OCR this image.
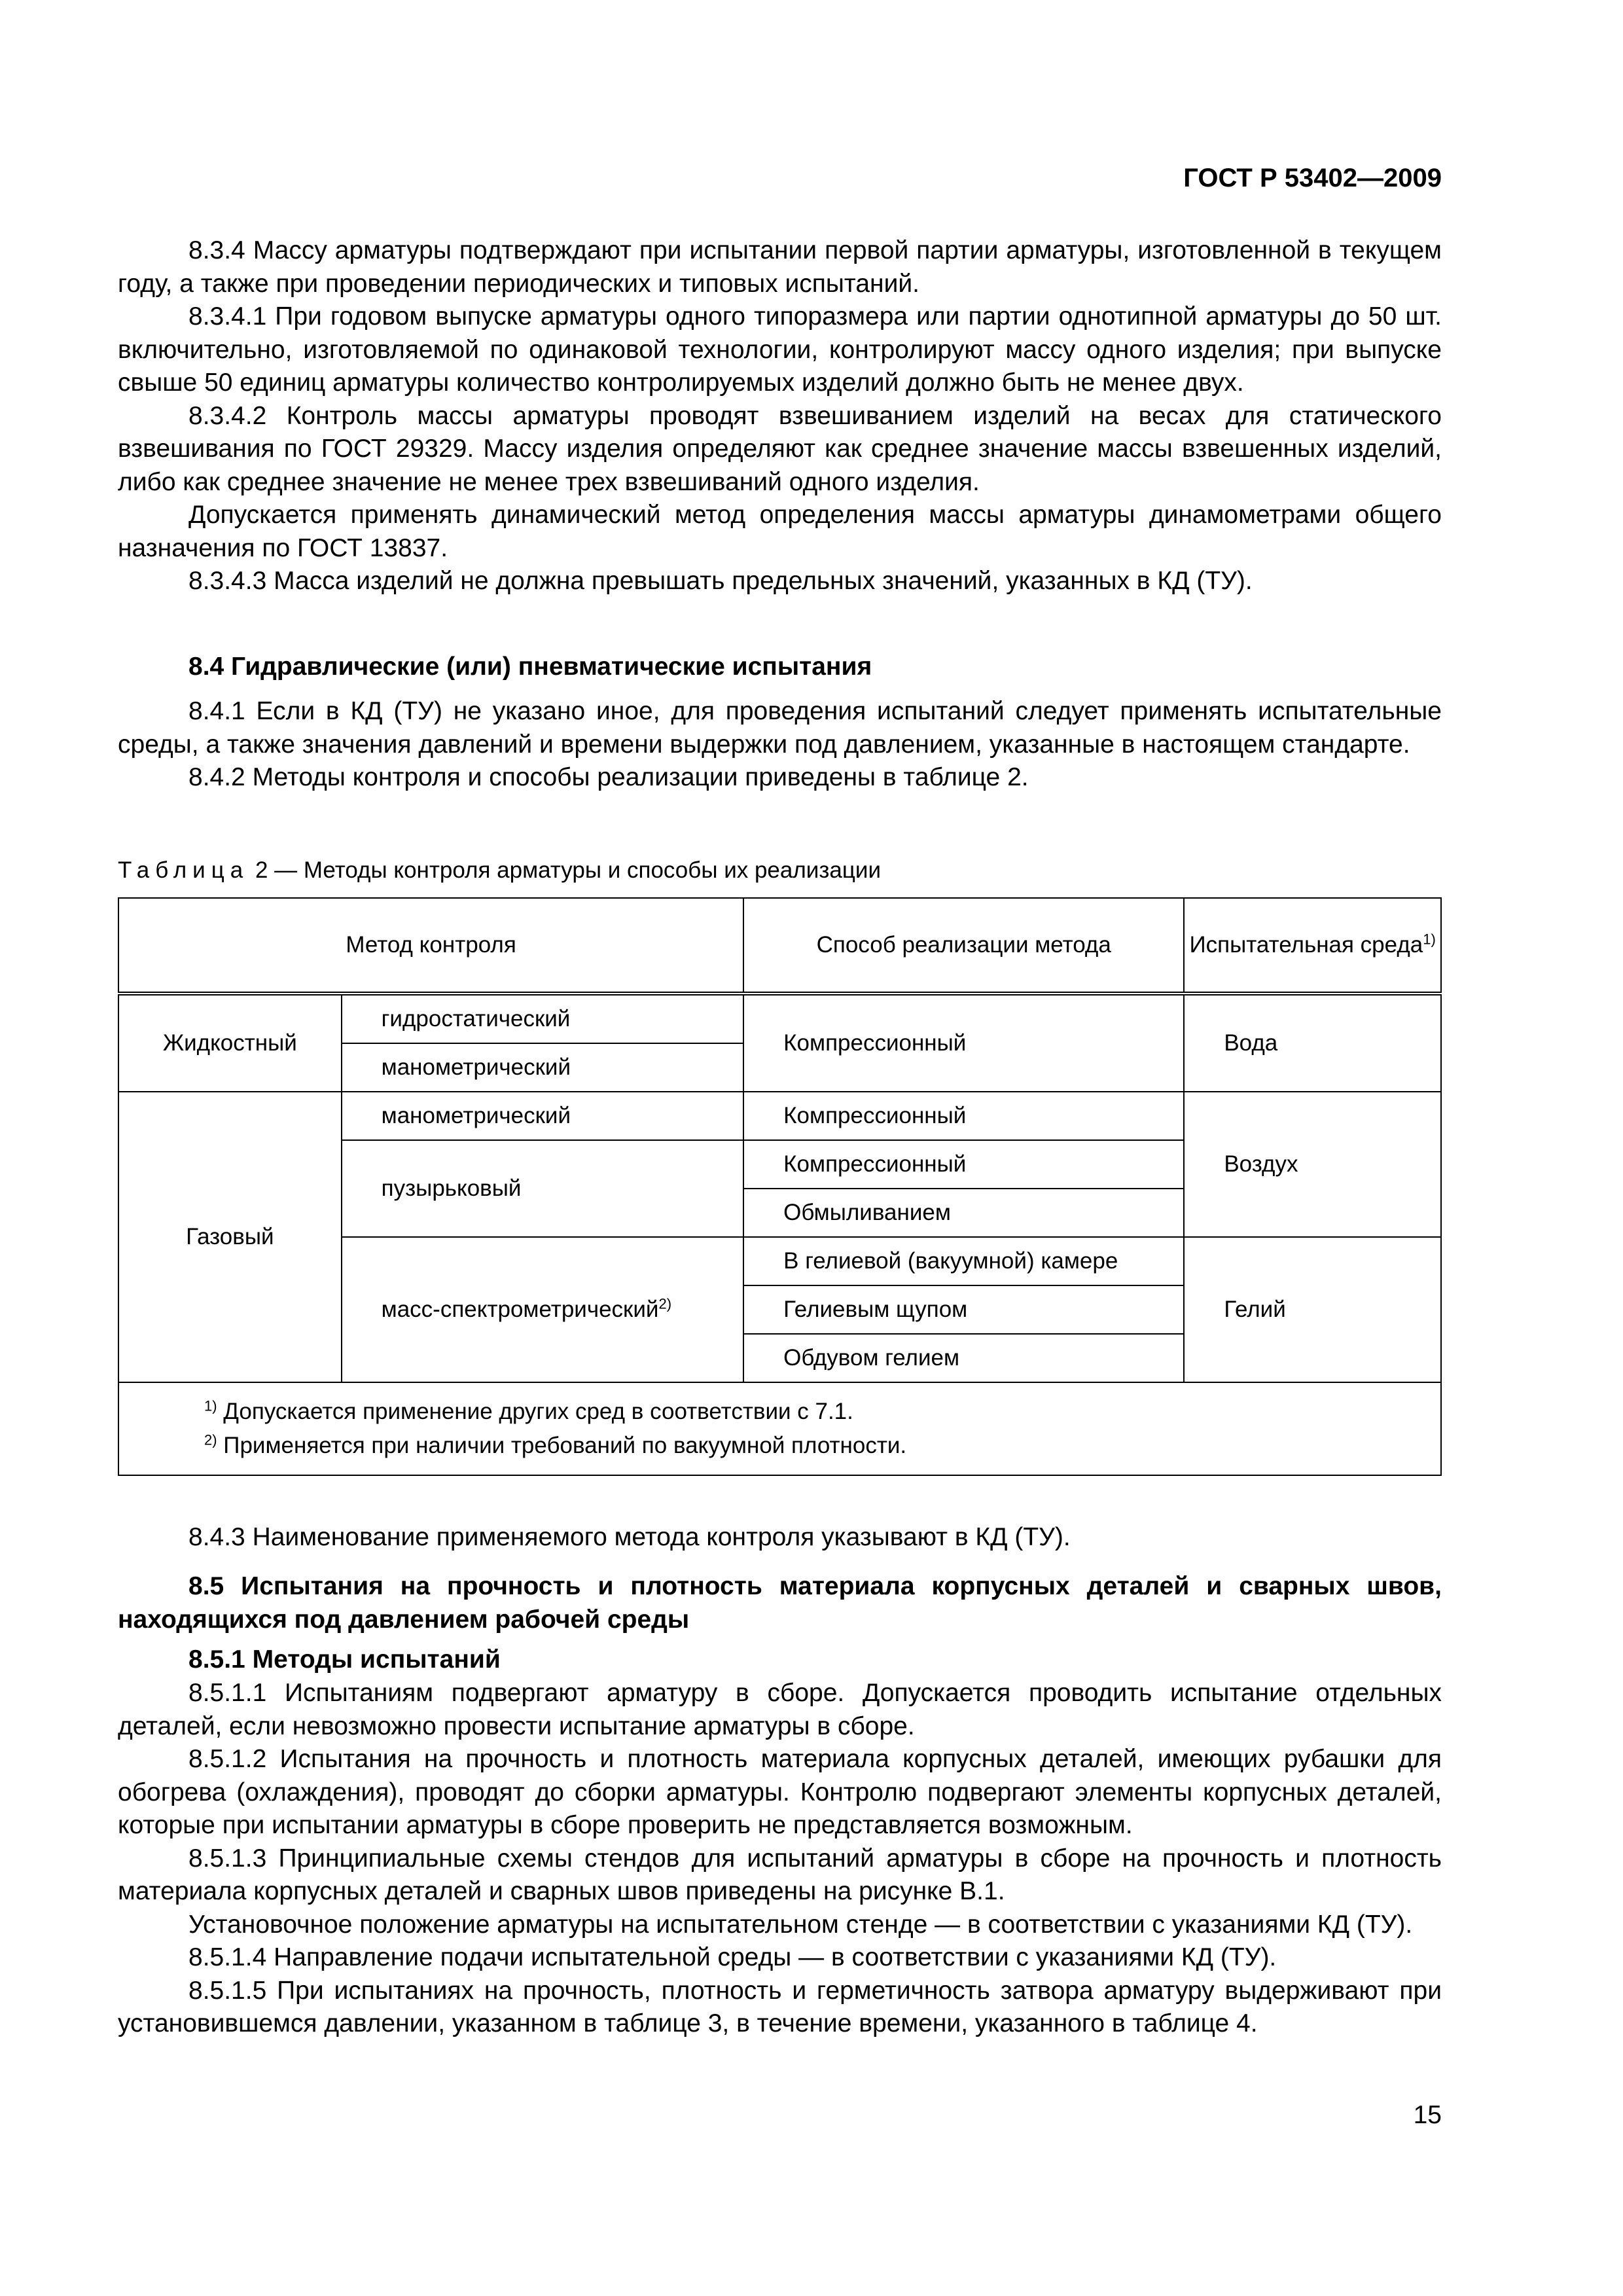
ГОСТ Р 53402—2009

8.3.4 Массу арматуры подтверждают при испытании первой партии арматуры, изготовленной в текущем году, а также при проведении периодических и типовых испытаний.

8.3.4.1 При годовом выпуске арматуры одного типоразмера или партии однотипной арматуры до 50 шт. включительно, изготовляемой по одинаковой технологии, контролируют массу одного изделия; при выпуске свыше 50 единиц арматуры количество контролируемых изделий должно быть не менее двух.

8.3.4.2 Контроль массы арматуры проводят взвешиванием изделий на весах для статического взвешивания по ГОСТ 29329. Массу изделия определяют как среднее значение массы взвешенных изделий, либо как среднее значение не менее трех взвешиваний одного изделия.

Допускается применять динамический метод определения массы арматуры динамометрами общего назначения по ГОСТ 13837.

8.3.4.3 Масса изделий не должна превышать предельных значений, указанных в КД (ТУ).

8.4 Гидравлические (или) пневматические испытания

8.4.1 Если в КД (ТУ) не указано иное, для проведения испытаний следует применять испытательные среды, а также значения давлений и времени выдержки под давлением, указанные в настоящем стандарте.

8.4.2 Методы контроля и способы реализации приведены в таблице 2.

Таблица 2 — Методы контроля арматуры и способы их реализации
Метод контроля		Способ реализации метода	Испытательная среда$^{1)}$
Жидкостный	гидростатический	Компрессионный	Вода
	манометрический		
Газовый	манометрический	Компрессионный	Воздух
	пузырьковый	Компрессионный	
		Обмыливанием	
	масс-спектрометрический$^{2)}$	В гелиевой (вакуумной) камере	Гелий
		Гелиевым щупом	
		Обдувом гелием	

$^{1)}$ Допускается применение других сред в соответствии с 7.1.
$^{2)}$ Применяется при наличии требований по вакуумной плотности.			

8.4.3 Наименование применяемого метода контроля указывают в КД (ТУ).

8.5 Испытания на прочность и плотность материала корпусных деталей и сварных швов, находящихся под давлением рабочей среды
8.5.1 Методы испытаний

8.5.1.1 Испытаниям подвергают арматуру в сборе. Допускается проводить испытание отдельных деталей, если невозможно провести испытание арматуры в сборе.

8.5.1.2 Испытания на прочность и плотность материала корпусных деталей, имеющих рубашки для обогрева (охлаждения), проводят до сборки арматуры. Контролю подвергают элементы корпусных деталей, которые при испытании арматуры в сборе проверить не представляется возможным.

8.5.1.3 Принципиальные схемы стендов для испытаний арматуры в сборе на прочность и плотность материала корпусных деталей и сварных швов приведены на рисунке В.1.

Установочное положение арматуры на испытательном стенде — в соответствии с указаниями КД (ТУ).

8.5.1.4 Направление подачи испытательной среды — в соответствии с указаниями КД (ТУ).

8.5.1.5 При испытаниях на прочность, плотность и герметичность затвора арматуру выдерживают при установившемся давлении, указанном в таблице 3, в течение времени, указанного в таблице 4.

15
